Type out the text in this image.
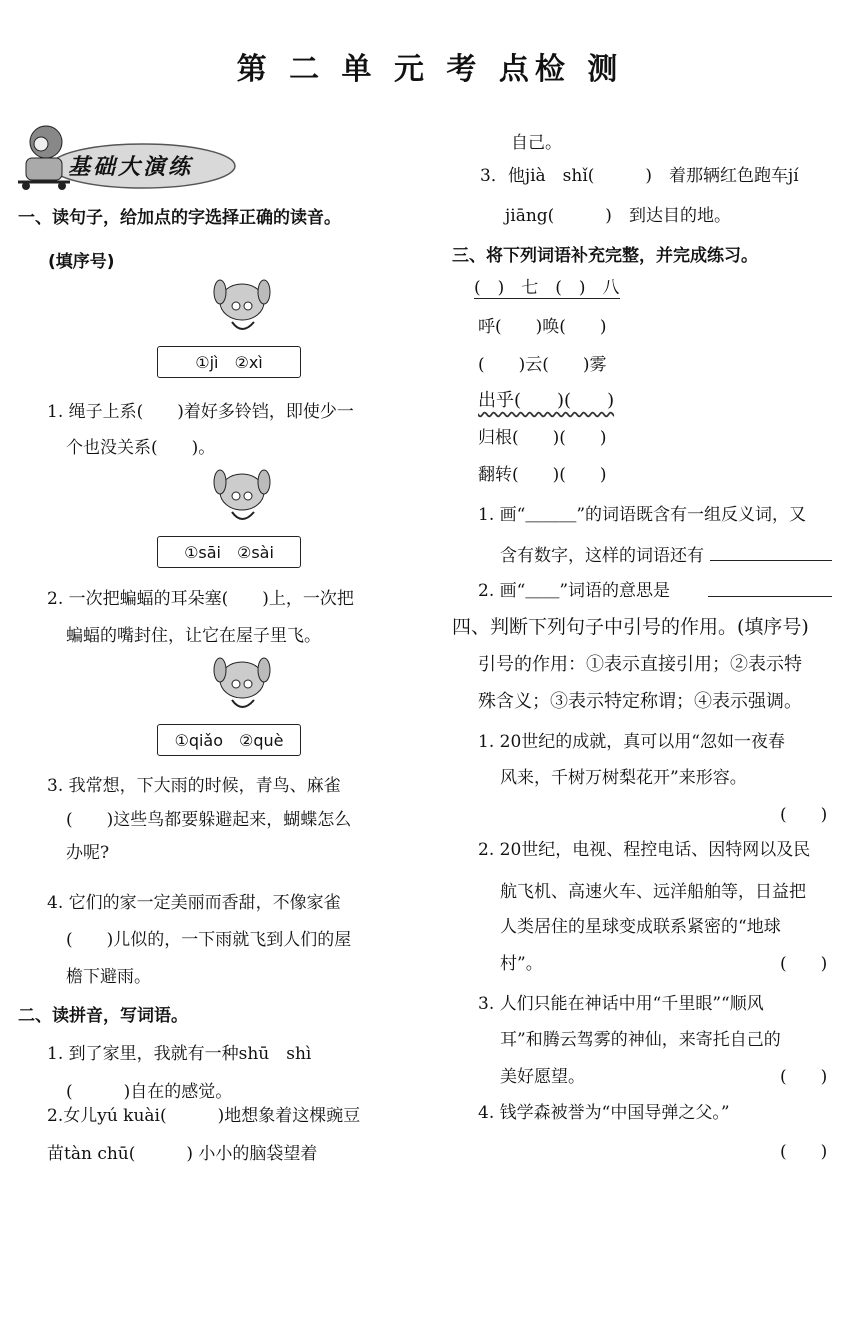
第 二 单 元 考 点检 测
基础大演练
一、读句子，给加点的字选择正确的读音。
(填序号)
①jì ②xì
1. 绳子上系(　　)着好多铃铛，即使少一
个也没关系(　　)。
①sāi ②sài
2. 一次把蝙蝠的耳朵塞(　　)上，一次把
蝙蝠的嘴封住，让它在屋子里飞。
①qiǎo ②què
3. 我常想，下大雨的时候，青鸟、麻雀
(　　)这些鸟都要躲避起来，蝴蝶怎么
办呢?
4. 它们的家一定美丽而香甜，不像家雀
(　　)儿似的，一下雨就飞到人们的屋
檐下避雨。
二、读拼音，写词语。
1. 到了家里，我就有一种shū　shì
(　　　)自在的感觉。
2.女儿yú kuài(　　　)地想象着这棵豌豆
苗tàn chū(　　　) 小小的脑袋望着
自己。
3．他jià　shǐ(　　　)　着那辆红色跑车jí
jiāng(　　　)　到达目的地。
三、将下列词语补充完整，并完成练习。
(　)　七　(　)　八
呼(　　)唤(　　)
(　　)云(　　)雾
出乎(　　)(　　)
归根(　　)(　　)
翻转(　　)(　　)
1. 画“＿＿＿”的词语既含有一组反义词，又
含有数字，这样的词语还有
2. 画“＿＿”词语的意思是
四、判断下列句子中引号的作用。(填序号)
引号的作用：①表示直接引用；②表示特
殊含义；③表示特定称谓；④表示强调。
1. 20世纪的成就，真可以用“忽如一夜春
风来，千树万树梨花开”来形容。
(　　)
2. 20世纪，电视、程控电话、因特网以及民
航飞机、高速火车、远洋船舶等，日益把
人类居住的星球变成联系紧密的“地球
村”。	(　　)
3. 人们只能在神话中用“千里眼”“顺风
耳”和腾云驾雾的神仙，来寄托自己的
美好愿望。	(　　)
4. 钱学森被誉为“中国导弹之父。”
(　　)
